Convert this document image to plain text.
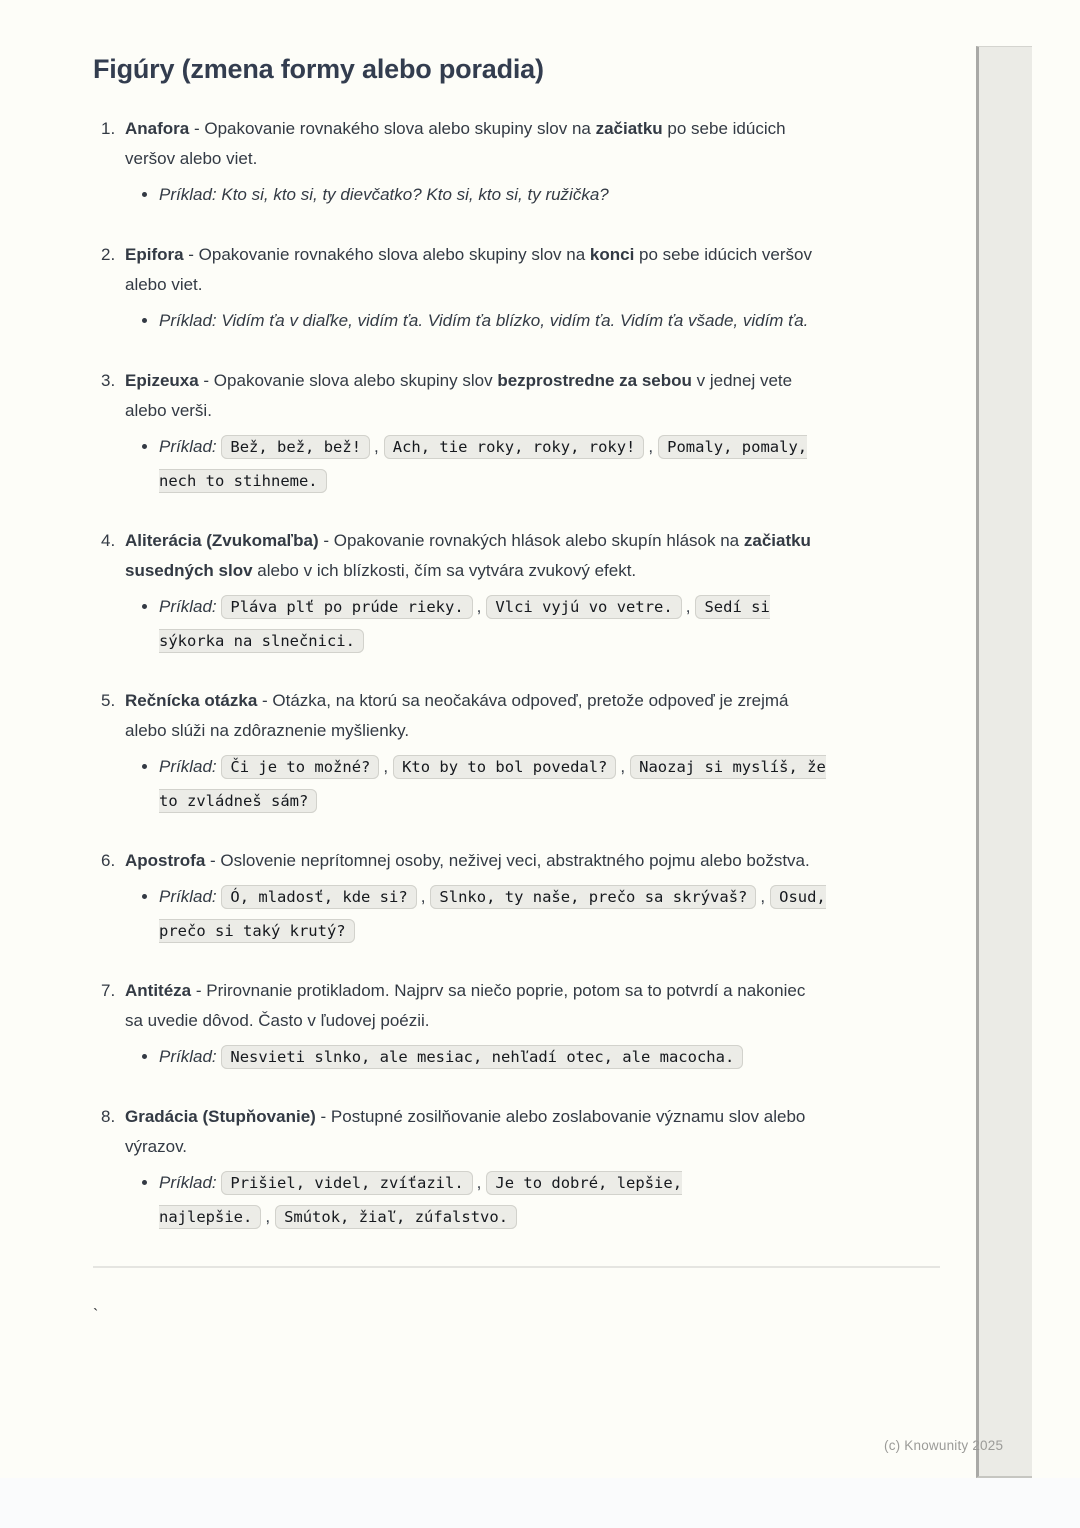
Figúry (zmena formy alebo poradia)
1. Anafora - Opakovanie rovnakého slova alebo skupiny slov na začiatku po sebe idúcich veršov alebo viet.
• Príklad: Kto si, kto si, ty dievčatko? Kto si, kto si, ty ružička?
2. Epifora - Opakovanie rovnakého slova alebo skupiny slov na konci po sebe idúcich veršov alebo viet.
• Príklad: Vidím ťa v diaľke, vidím ťa. Vidím ťa blízko, vidím ťa. Vidím ťa všade, vidím ťa.
3. Epizeuxa - Opakovanie slova alebo skupiny slov bezprostredne za sebou v jednej vete alebo verši.
• Príklad: Bež, bež, bež! , Ach, tie roky, roky, roky! , Pomaly, pomaly, nech to stihneme.
4. Aliterácia (Zvukomaľba) - Opakovanie rovnakých hlások alebo skupín hlások na začiatku susedných slov alebo v ich blízkosti, čím sa vytvára zvukový efekt.
• Príklad: Pláva plť po prúde rieky. , Vlci vyjú vo vetre. , Sedí si sýkorka na slnečnici.
5. Rečnícka otázka - Otázka, na ktorú sa neočakáva odpoveď, pretože odpoveď je zrejmá alebo slúži na zdôraznenie myšlienky.
• Príklad: Či je to možné? , Kto by to bol povedal? , Naozaj si myslíš, že to zvládneš sám?
6. Apostrofa - Oslovenie neprítomnej osoby, neživej veci, abstraktného pojmu alebo božstva.
• Príklad: Ó, mladosť, kde si? , Slnko, ty naše, prečo sa skrývaš? , Osud, prečo si taký krutý?
7. Antitéza - Prirovnanie protikladom. Najprv sa niečo poprie, potom sa to potvrdí a nakoniec sa uvedie dôvod. Často v ľudovej poézii.
• Príklad: Nesvieti slnko, ale mesiac, nehľadí otec, ale macocha.
8. Gradácia (Stupňovanie) - Postupné zosilňovanie alebo zoslabovanie významu slov alebo výrazov.
• Príklad: Prišiel, videl, zvíťazil. , Je to dobré, lepšie, najlepšie. , Smútok, žiaľ, zúfalstvo.
`
(c) Knowunity 2025
